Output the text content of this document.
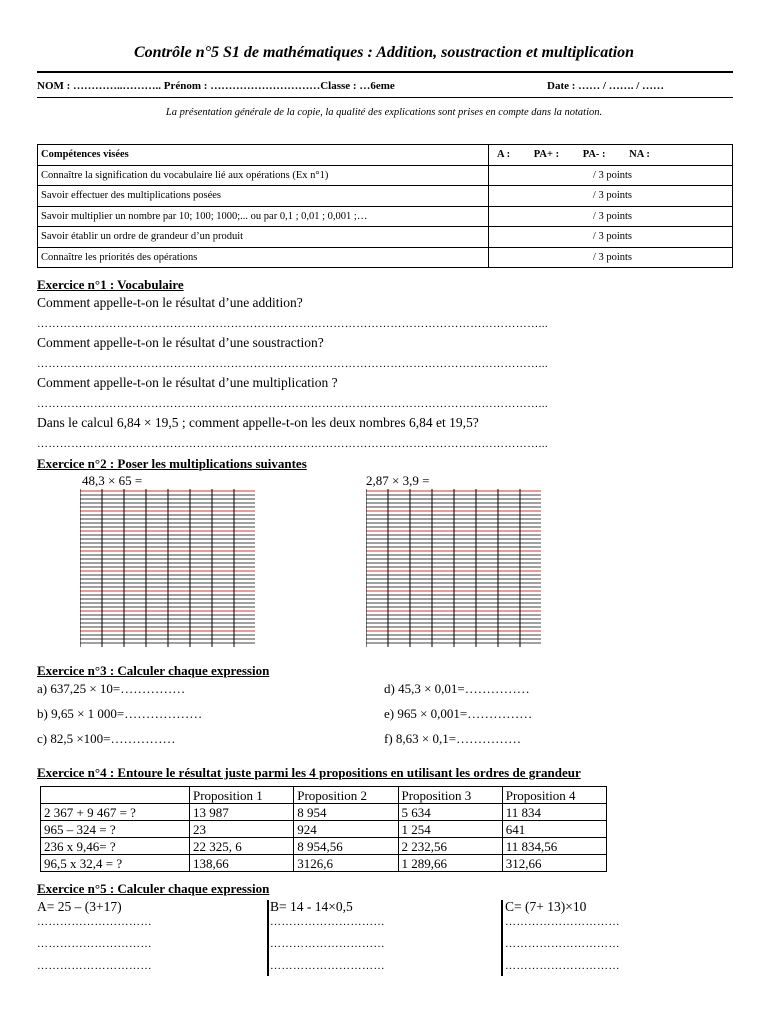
Contrôle n°5 S1 de mathématiques : Addition, soustraction et multiplication
NOM : …………..……….. Prénom : …………………………Classe : …6eme	Date : …… / ……. / ……
La présentation générale de la copie, la qualité des explications sont prises en compte dans la notation.
Compétences visées	A :         PA+ :         PA- :         NA :
Connaître la signification du vocabulaire lié aux opérations (Ex n°1)	/ 3 points
Savoir effectuer des multiplications posées	/ 3 points
Savoir multiplier un nombre par 10; 100; 1000;... ou par 0,1 ; 0,01 ; 0,001 ;…	/ 3 points
Savoir établir un ordre de grandeur d’un produit	/ 3 points
Connaître les priorités des opérations	/ 3 points
Exercice n°1 : Vocabulaire
Comment appelle-t-on le résultat d’une addition?
……………………………………………………………………………………………………………………...
Comment appelle-t-on le résultat d’une soustraction?
……………………………………………………………………………………………………………………...
Comment appelle-t-on le résultat d’une multiplication ?
……………………………………………………………………………………………………………………...
Dans le calcul 6,84 × 19,5 ; comment appelle-t-on les deux nombres 6,84 et 19,5?
……………………………………………………………………………………………………………………...
Exercice n°2 : Poser les multiplications suivantes
48,3 × 65 =	2,87 × 3,9 =
Exercice n°3 : Calculer chaque expression
a) 637,25 × 10=……………
b) 9,65 × 1 000=………………
c) 82,5 ×100=……………
d) 45,3 × 0,01=……………
e) 965 × 0,001=……………
f) 8,63 × 0,1=……………
Exercice n°4 : Entoure le résultat juste parmi les 4 propositions en utilisant les ordres de grandeur
	Proposition 1	Proposition 2	Proposition 3	Proposition 4
2 367 + 9 467 = ?	13 987	8 954	5 634	11 834
965 – 324 = ?	23	924	1 254	641
236 x 9,46= ?	22 325, 6	8 954,56	2 232,56	11 834,56
96,5 x 32,4 = ?	138,66	3126,6	1 289,66	312,66
Exercice n°5 : Calculer chaque expression
A= 25 – (3+17)	B= 14 - 14×0,5	C= (7+ 13)×10
…………………………
…………………………
…………………………
…………………………
…………………………
…………………………
…………………………
…………………………
…………………………
